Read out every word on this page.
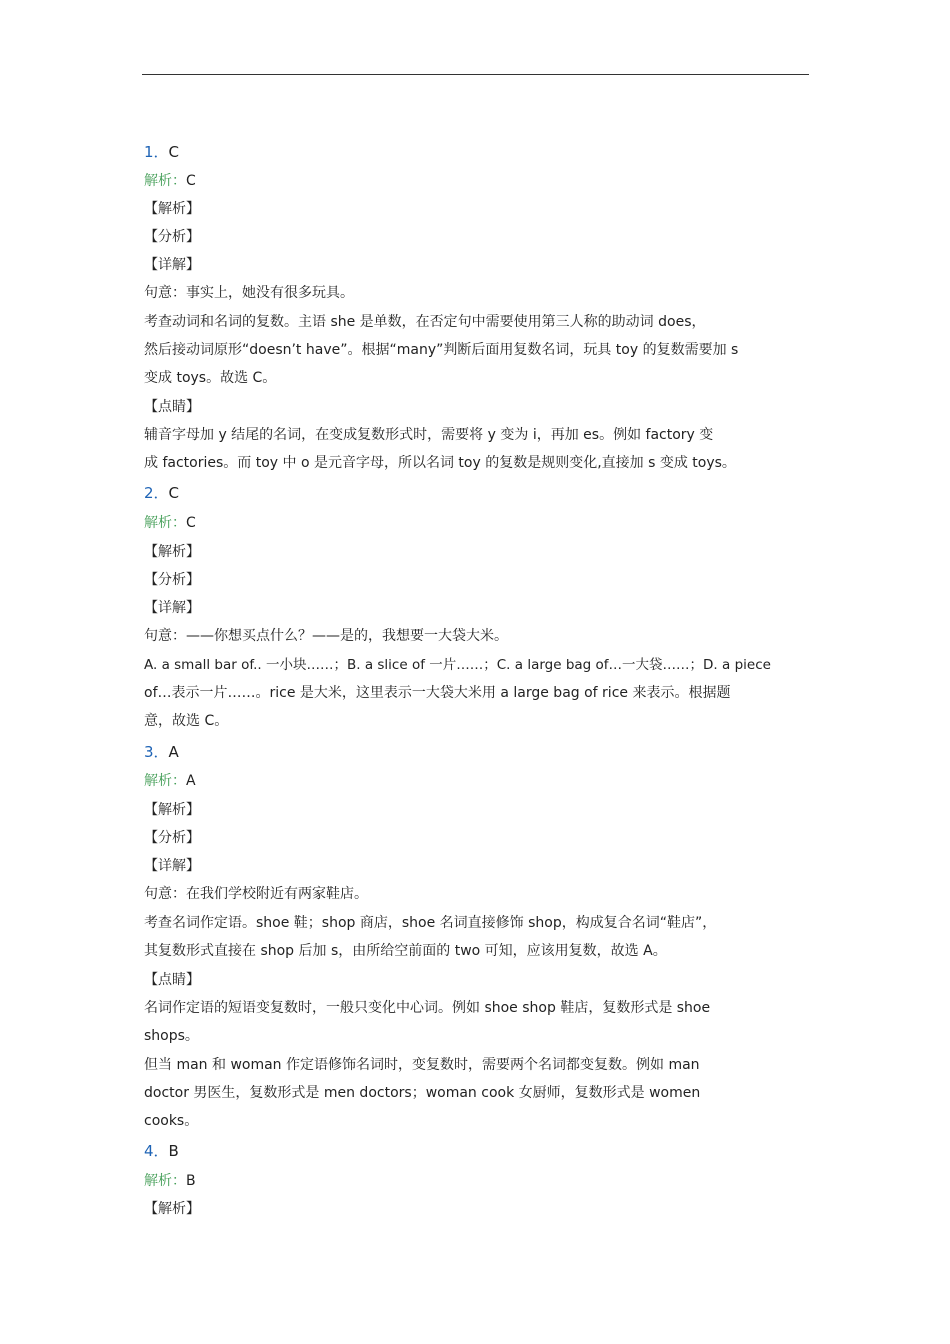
1．C
解析：C
【解析】
【分析】
【详解】
句意：事实上，她没有很多玩具。
考查动词和名词的复数。主语 she 是单数，在否定句中需要使用第三人称的助动词 does，
然后接动词原形“doesn’t have”。根据“many”判断后面用复数名词，玩具 toy 的复数需要加 s
变成 toys。故选 C。
【点睛】
辅音字母加 y 结尾的名词，在变成复数形式时，需要将 y 变为 i，再加 es。例如 factory 变
成 factories。而 toy 中 o 是元音字母，所以名词 toy 的复数是规则变化,直接加 s 变成 toys。
2．C
解析：C
【解析】
【分析】
【详解】
句意：——你想买点什么？——是的，我想要一大袋大米。
A. a small bar of.. 一小块……；B. a slice of 一片……；C. a large bag of…一大袋……；D. a piece
of…表示一片……。rice 是大米，这里表示一大袋大米用 a large bag of rice 来表示。根据题
意，故选 C。
3．A
解析：A
【解析】
【分析】
【详解】
句意：在我们学校附近有两家鞋店。
考查名词作定语。shoe 鞋；shop 商店，shoe 名词直接修饰 shop，构成复合名词“鞋店”，
其复数形式直接在 shop 后加 s，由所给空前面的 two 可知，应该用复数，故选 A。
【点睛】
名词作定语的短语变复数时，一般只变化中心词。例如 shoe shop 鞋店，复数形式是 shoe
shops。
但当 man 和 woman 作定语修饰名词时，变复数时，需要两个名词都变复数。例如 man
doctor 男医生，复数形式是 men doctors；woman cook 女厨师，复数形式是 women
cooks。
4．B
解析：B
【解析】
